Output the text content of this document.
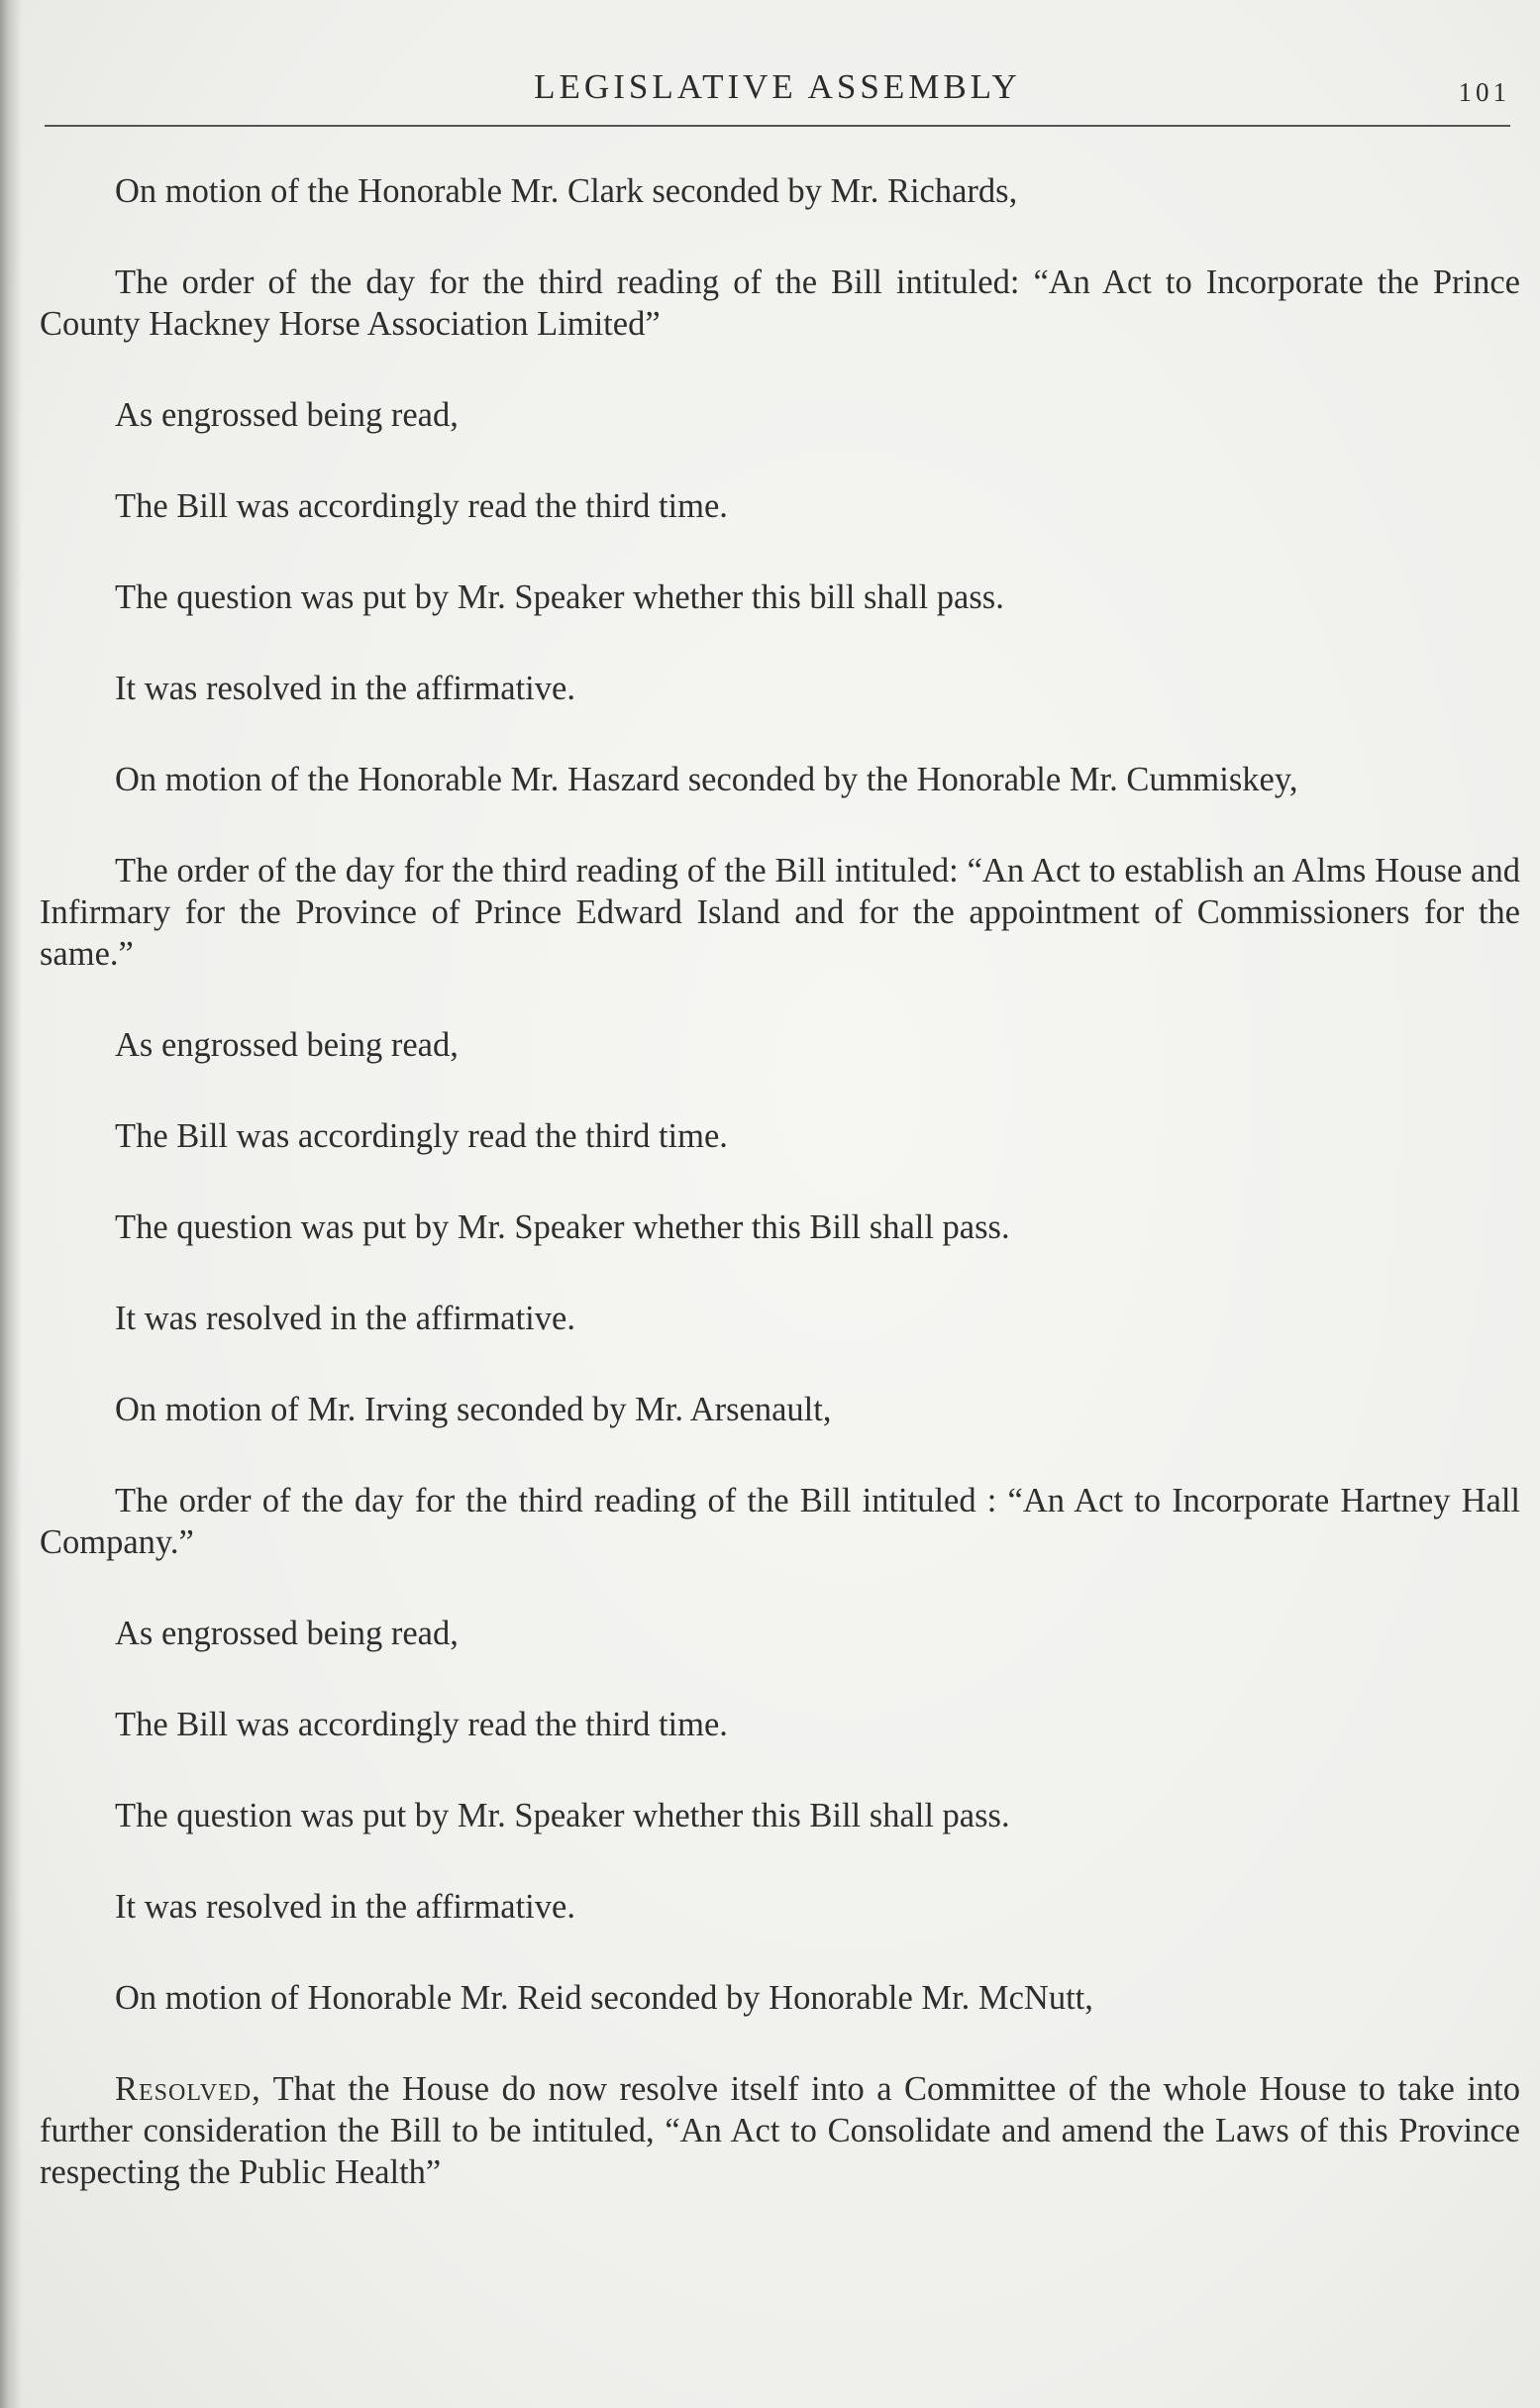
LEGISLATIVE ASSEMBLY	101

On motion of the Honorable Mr. Clark seconded by Mr. Richards,

The order of the day for the third reading of the Bill intituled: “An Act to Incorporate the Prince County Hackney Horse Association Limited”

As engrossed being read,

The Bill was accordingly read the third time.

The question was put by Mr. Speaker whether this bill shall pass.

It was resolved in the affirmative.

On motion of the Honorable Mr. Haszard seconded by the Honorable Mr. Cummiskey,

The order of the day for the third reading of the Bill intituled: “An Act to establish an Alms House and Infirmary for the Province of Prince Edward Island and for the appointment of Commissioners for the same.”

As engrossed being read,

The Bill was accordingly read the third time.

The question was put by Mr. Speaker whether this Bill shall pass.

It was resolved in the affirmative.

On motion of Mr. Irving seconded by Mr. Arsenault,

The order of the day for the third reading of the Bill intituled : “An Act to Incorporate Hartney Hall Company.”

As engrossed being read,

The Bill was accordingly read the third time.

The question was put by Mr. Speaker whether this Bill shall pass.

It was resolved in the affirmative.

On motion of Honorable Mr. Reid seconded by Honorable Mr. McNutt,

Resolved, That the House do now resolve itself into a Committee of the whole House to take into further consideration the Bill to be intituled, “An Act to Consolidate and amend the Laws of this Province respecting the Public Health”
